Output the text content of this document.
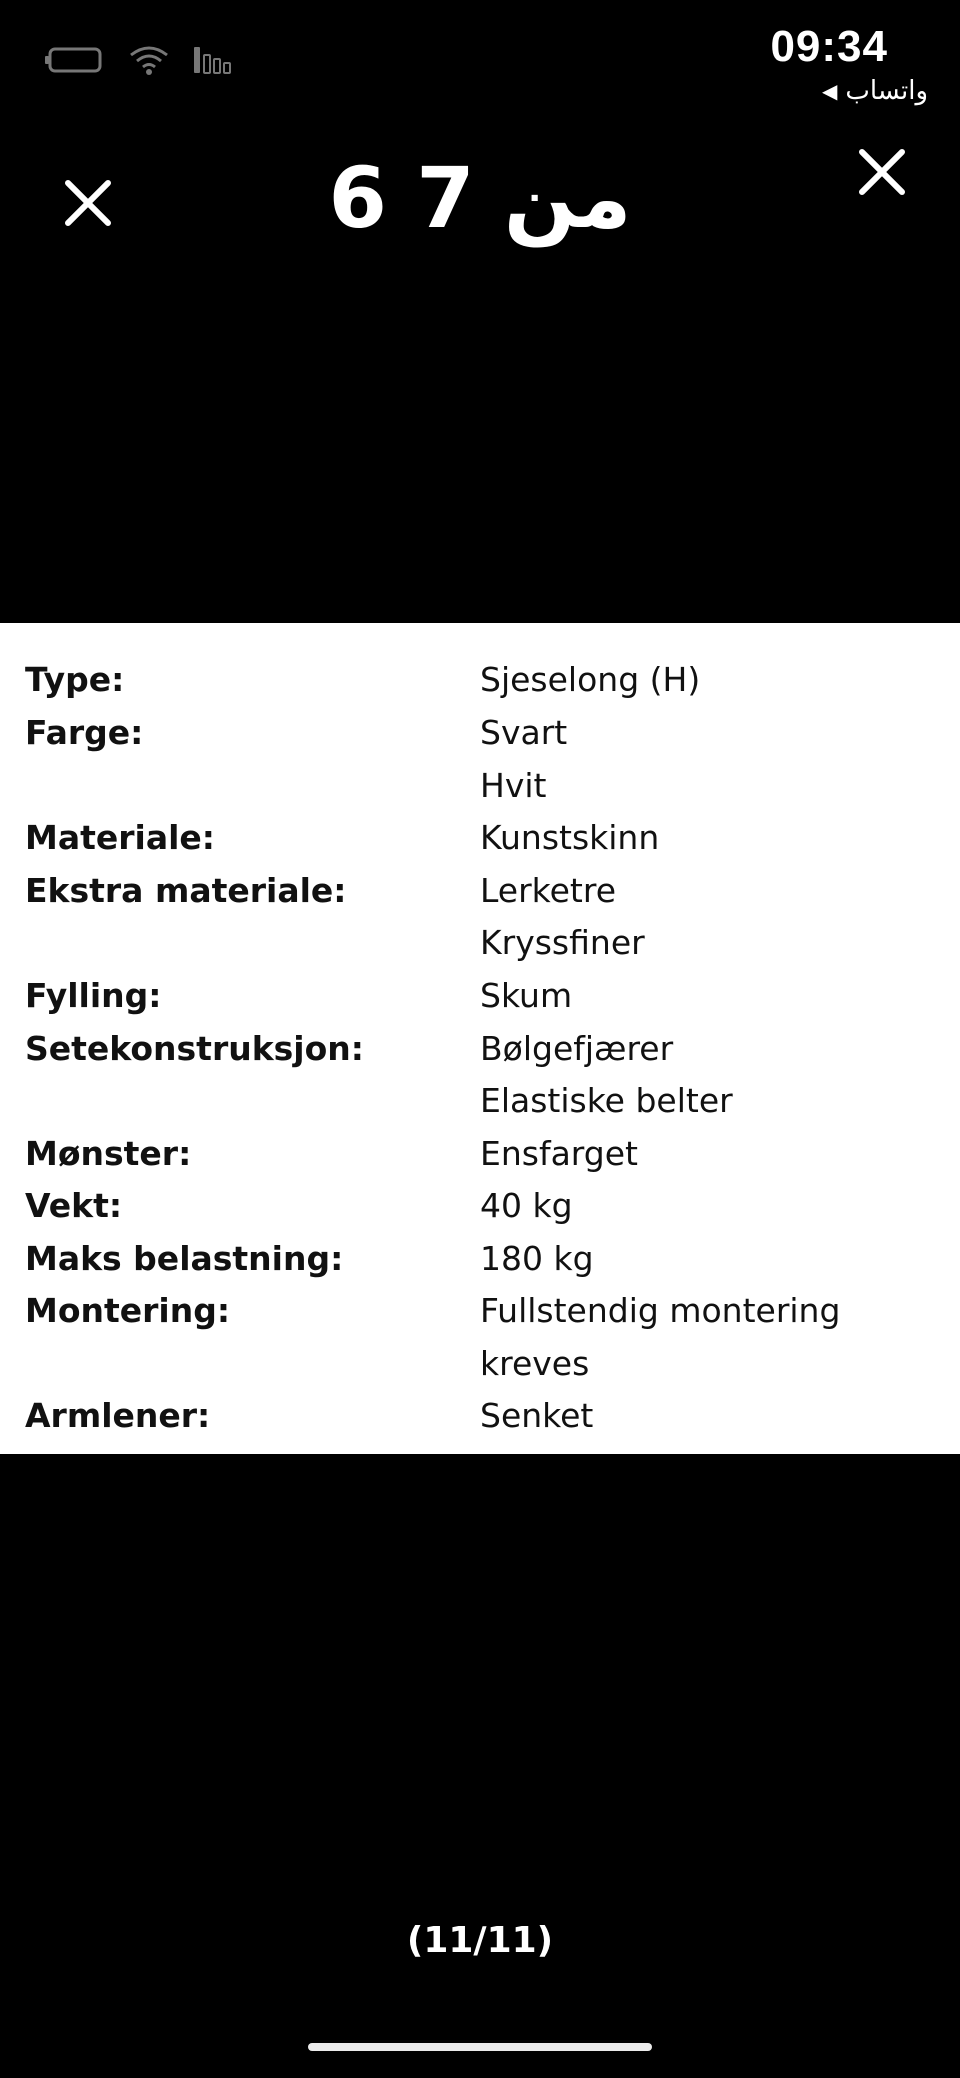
09:34
◀ واتساب
6 من 7
Type:	Sjeselong (H)
Farge:	Svart
Hvit
Materiale:	Kunstskinn
Ekstra materiale:	Lerketre
Kryssfiner
Fylling:	Skum
Setekonstruksjon:	Bølgefjærer
Elastiske belter
Mønster:	Ensfarget
Vekt:	40 kg
Maks belastning:	180 kg
Montering:	Fullstendig montering
kreves
Armlener:	Senket
(11/11)
